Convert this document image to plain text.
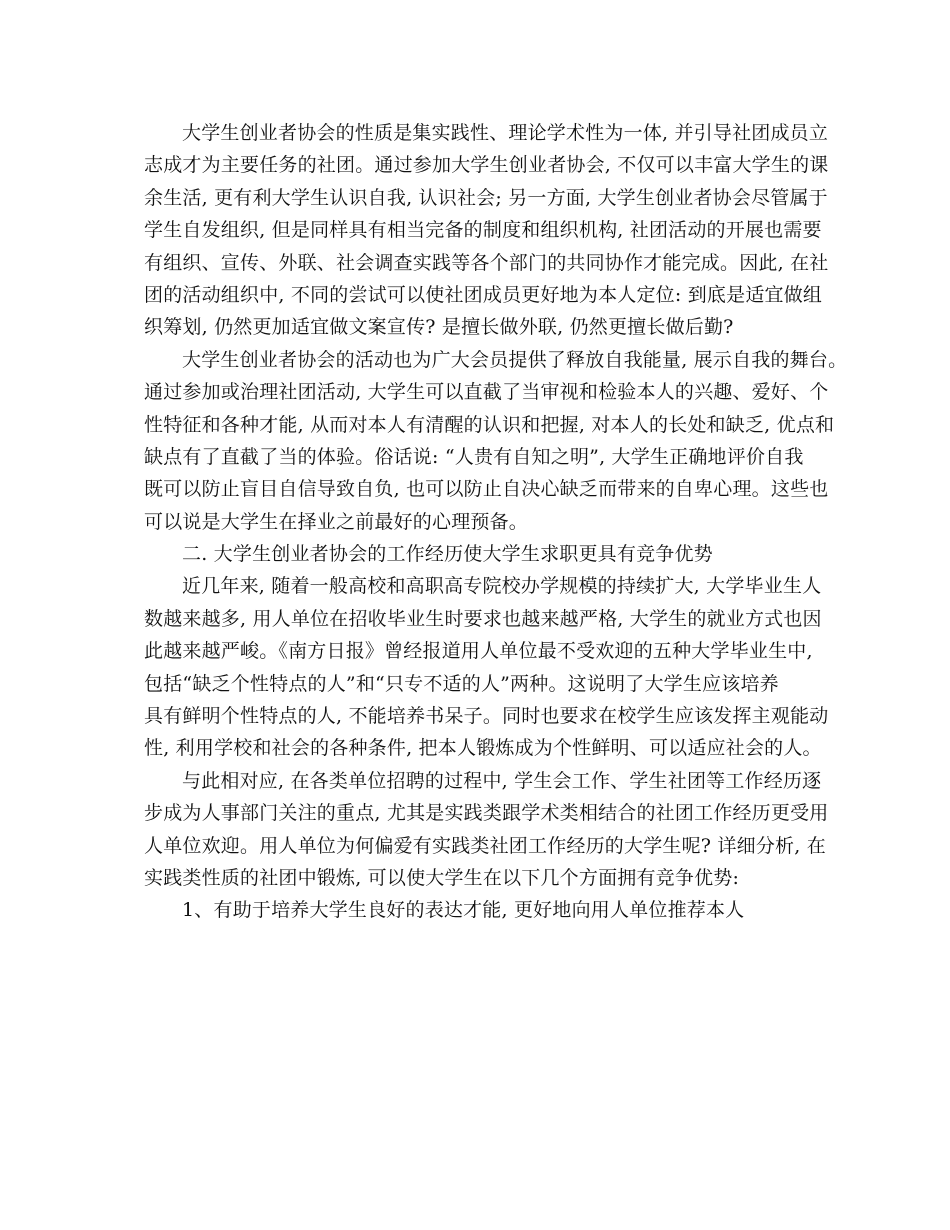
大学生创业者协会的性质是集实践性、理论学术性为一体, 并引导社团成员立
志成才为主要任务的社团。通过参加大学生创业者协会, 不仅可以丰富大学生的课
余生活, 更有利大学生认识自我, 认识社会; 另一方面, 大学生创业者协会尽管属于
学生自发组织, 但是同样具有相当完备的制度和组织机构, 社团活动的开展也需要
有组织、宣传、外联、社会调查实践等各个部门的共同协作才能完成。因此, 在社
团的活动组织中, 不同的尝试可以使社团成员更好地为本人定位: 到底是适宜做组
织筹划, 仍然更加适宜做文案宣传? 是擅长做外联, 仍然更擅长做后勤?
大学生创业者协会的活动也为广大会员提供了释放自我能量, 展示自我的舞台。
通过参加或治理社团活动, 大学生可以直截了当审视和检验本人的兴趣、爱好、个
性特征和各种才能, 从而对本人有清醒的认识和把握, 对本人的长处和缺乏, 优点和
缺点有了直截了当的体验。俗话说: “人贵有自知之明”, 大学生正确地评价自我
既可以防止盲目自信导致自负, 也可以防止自决心缺乏而带来的自卑心理。这些也
可以说是大学生在择业之前最好的心理预备。
二. 大学生创业者协会的工作经历使大学生求职更具有竞争优势
近几年来, 随着一般高校和高职高专院校办学规模的持续扩大, 大学毕业生人
数越来越多, 用人单位在招收毕业生时要求也越来越严格, 大学生的就业方式也因
此越来越严峻。《南方日报》曾经报道用人单位最不受欢迎的五种大学毕业生中,
包括“缺乏个性特点的人”和“只专不适的人”两种。这说明了大学生应该培养
具有鲜明个性特点的人, 不能培养书呆子。同时也要求在校学生应该发挥主观能动
性, 利用学校和社会的各种条件, 把本人锻炼成为个性鲜明、可以适应社会的人。
与此相对应, 在各类单位招聘的过程中, 学生会工作、学生社团等工作经历逐
步成为人事部门关注的重点, 尤其是实践类跟学术类相结合的社团工作经历更受用
人单位欢迎。用人单位为何偏爱有实践类社团工作经历的大学生呢? 详细分析, 在
实践类性质的社团中锻炼, 可以使大学生在以下几个方面拥有竞争优势:
1、有助于培养大学生良好的表达才能, 更好地向用人单位推荐本人
